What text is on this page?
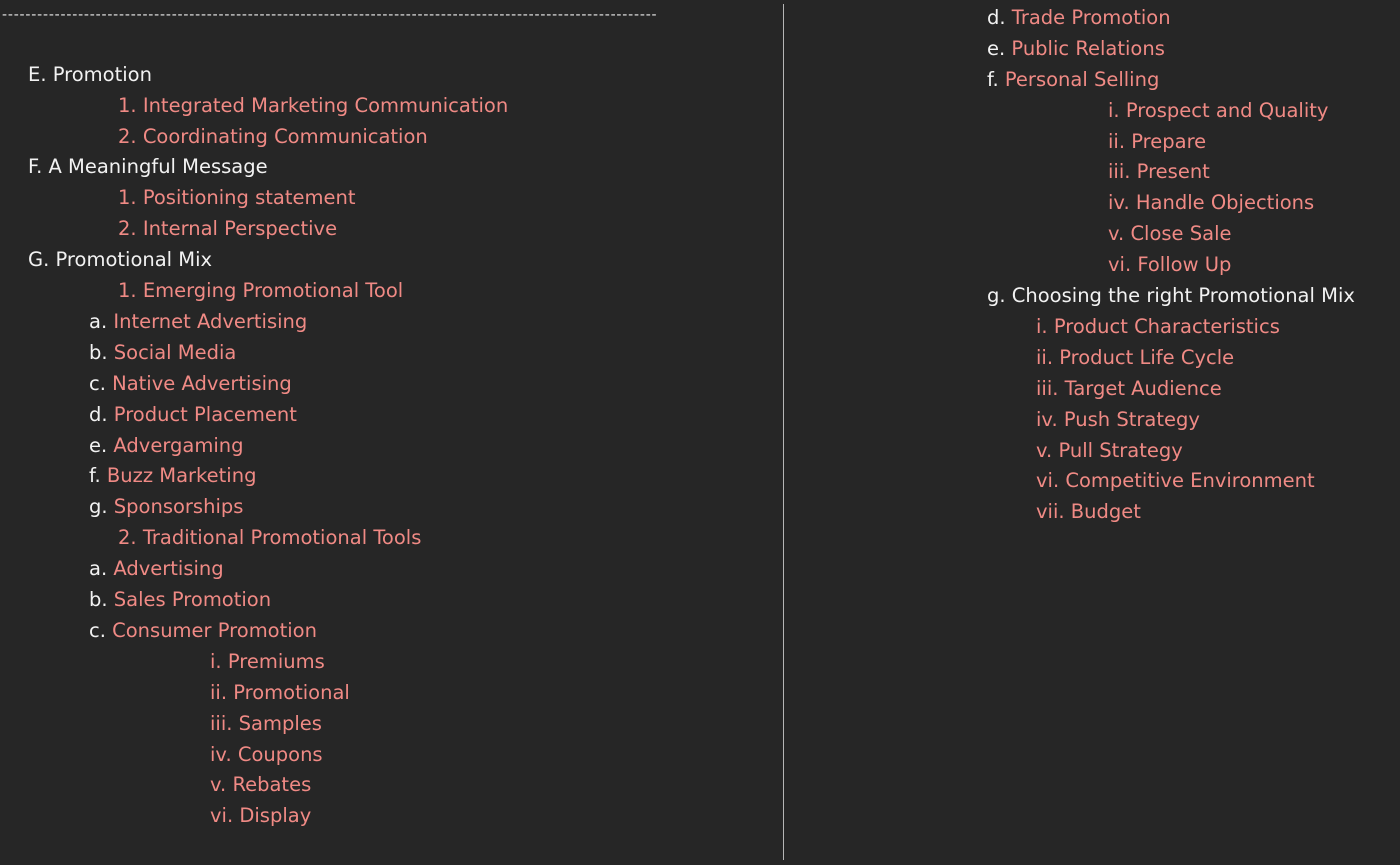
----------------------------------------------------------------------------------------------------------------
E. Promotion
1. Integrated Marketing Communication
2. Coordinating Communication
F. A Meaningful Message
1. Positioning statement
2. Internal Perspective
G. Promotional Mix
1. Emerging Promotional Tool
a. Internet Advertising
b. Social Media
c. Native Advertising
d. Product Placement
e. Advergaming
f. Buzz Marketing
g. Sponsorships
2. Traditional Promotional Tools
a. Advertising
b. Sales Promotion
c. Consumer Promotion
i. Premiums
ii. Promotional
iii. Samples
iv. Coupons
v. Rebates
vi. Display
d. Trade Promotion
e. Public Relations
f. Personal Selling
i. Prospect and Quality
ii. Prepare
iii. Present
iv. Handle Objections
v. Close Sale
vi. Follow Up
g. Choosing the right Promotional Mix
i. Product Characteristics
ii. Product Life Cycle
iii. Target Audience
iv. Push Strategy
v. Pull Strategy
vi. Competitive Environment
vii. Budget
